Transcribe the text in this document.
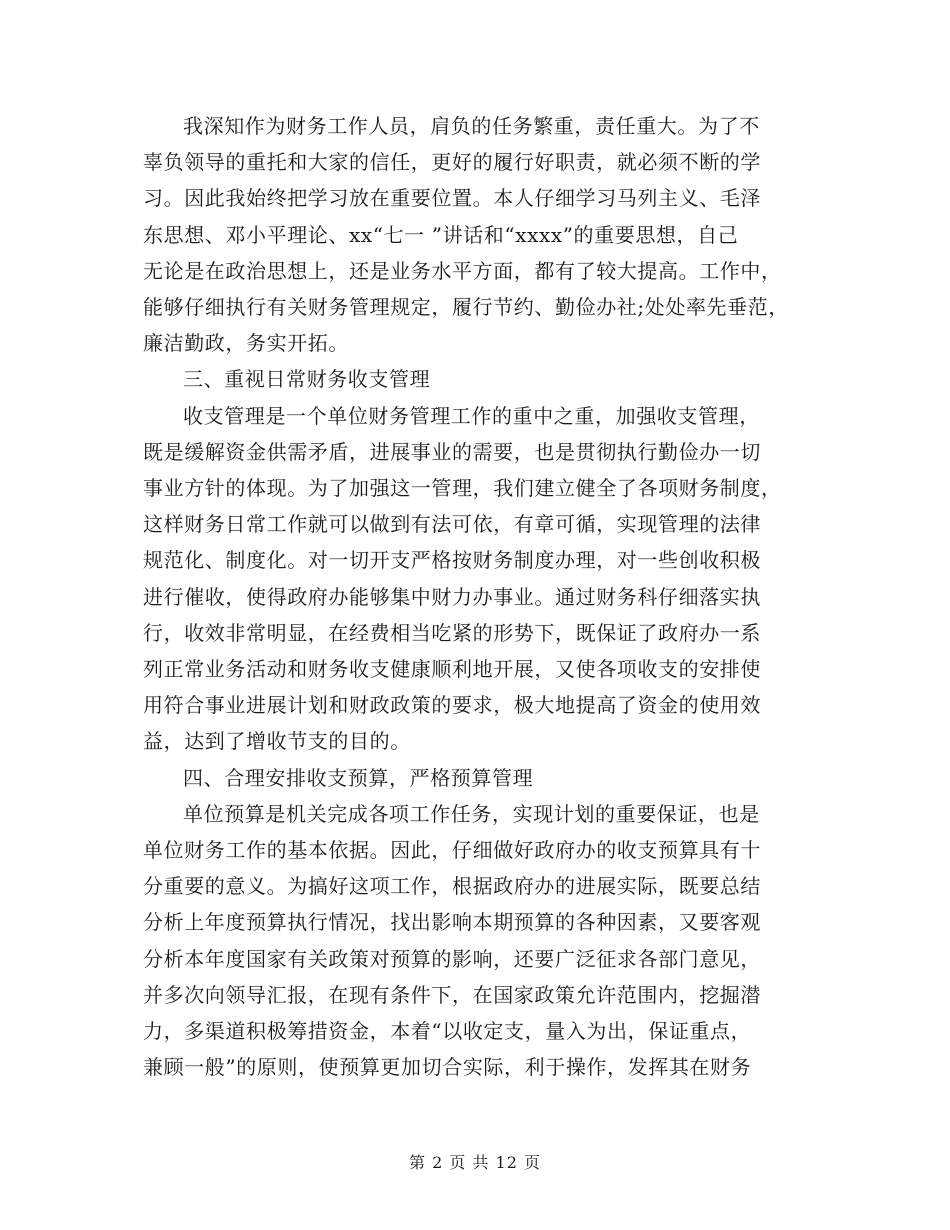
我深知作为财务工作人员，肩负的任务繁重，责任重大。为了不
辜负领导的重托和大家的信任，更好的履行好职责，就必须不断的学
习。因此我始终把学习放在重要位置。本人仔细学习马列主义、毛泽
东思想、邓小平理论、xx“七一 ”讲话和“xxxx”的重要思想，自己
无论是在政治思想上，还是业务水平方面，都有了较大提高。工作中，
能够仔细执行有关财务管理规定，履行节约、勤俭办社;处处率先垂范，
廉洁勤政，务实开拓。

三、重视日常财务收支管理

收支管理是一个单位财务管理工作的重中之重，加强收支管理，
既是缓解资金供需矛盾，进展事业的需要，也是贯彻执行勤俭办一切
事业方针的体现。为了加强这一管理，我们建立健全了各项财务制度，
这样财务日常工作就可以做到有法可依，有章可循，实现管理的法律
规范化、制度化。对一切开支严格按财务制度办理，对一些创收积极
进行催收，使得政府办能够集中财力办事业。通过财务科仔细落实执
行，收效非常明显，在经费相当吃紧的形势下，既保证了政府办一系
列正常业务活动和财务收支健康顺利地开展，又使各项收支的安排使
用符合事业进展计划和财政政策的要求，极大地提高了资金的使用效
益，达到了增收节支的目的。

四、合理安排收支预算，严格预算管理

单位预算是机关完成各项工作任务，实现计划的重要保证，也是
单位财务工作的基本依据。因此，仔细做好政府办的收支预算具有十
分重要的意义。为搞好这项工作，根据政府办的进展实际，既要总结
分析上年度预算执行情况，找出影响本期预算的各种因素，又要客观
分析本年度国家有关政策对预算的影响，还要广泛征求各部门意见，
并多次向领导汇报，在现有条件下，在国家政策允许范围内，挖掘潜
力，多渠道积极筹措资金，本着“以收定支，量入为出，保证重点，
兼顾一般”的原则，使预算更加切合实际，利于操作，发挥其在财务

第 2 页 共 12 页
